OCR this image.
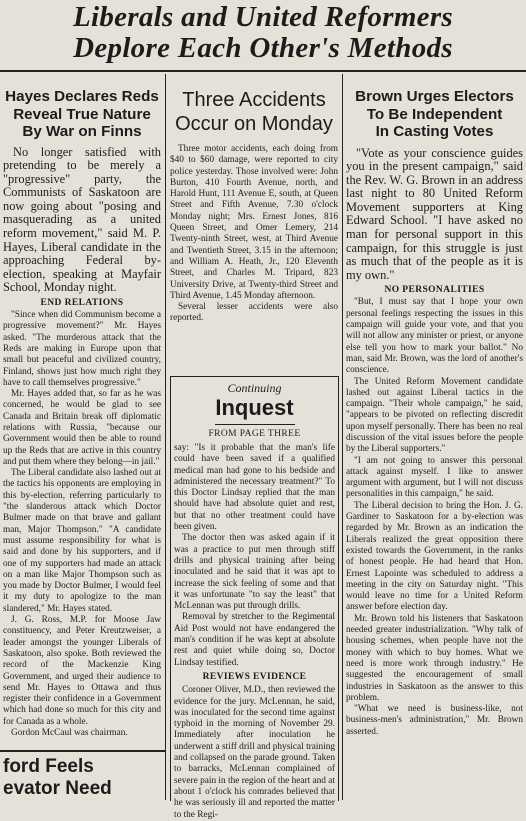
Liberals and United Reformers
Deplore Each Other's Methods
Hayes Declares Reds
Reveal True Nature
By War on Finns

No longer satisfied with pretending to be merely a "progressive" party, the Communists of Saskatoon are now going about "posing and masquerading as a united reform movement," said M. P. Hayes, Liberal candidate in the approaching Federal by-election, speaking at Mayfair School, Monday night.

END RELATIONS

"Since when did Communism become a progressive movement?" Mr. Hayes asked. "The murderous attack that the Reds are making in Europe upon that small but peaceful and civilized country, Finland, shows just how much right they have to call themselves progressive."

Mr. Hayes added that, so far as he was concerned, he would be glad to see Canada and Britain break off diplomatic relations with Russia, "because our Government would then be able to round up the Reds that are active in this country and put them where they belong—in jail."

The Liberal candidate also lashed out at the tactics his opponents are employing in this by-election, referring particularly to "the slanderous attack which Doctor Bulmer made on that brave and gallant man, Major Thompson." "A candidate must assume responsibility for what is said and done by his supporters, and if one of my supporters had made an attack on a man like Major Thompson such as you made by Doctor Bulmer, I would feel it my duty to apologize to the man slandered," Mr. Hayes stated.

J. G. Ross, M.P. for Moose Jaw constituency, and Peter Kreutzweiser, a leader amongst the younger Liberals of Saskatoon, also spoke. Both reviewed the record of the Mackenzie King Government, and urged their audience to send Mr. Hayes to Ottawa and thus register their confidence in a Government which had done so much for this city and for Canada as a whole.

Gordon McCaul was chairman.

ford Feels
evator Need
Three Accidents
Occur on Monday

Three motor accidents, each doing from $40 to $60 damage, were reported to city police yesterday. Those involved were: John Burton, 410 Fourth Avenue, north, and Harold Hunt, 111 Avenue E, south, at Queen Street and Fifth Avenue, 7.30 o'clock Monday night; Mrs. Ernest Jones, 816 Queen Street, and Omer Lemery, 214 Twenty-ninth Street, west, at Third Avenue and Twentieth Street, 3.15 in the afternoon; and William A. Heath, Jr., 120 Eleventh Street, and Charles M. Tripard, 823 University Drive, at Twenty-third Street and Third Avenue, 1.45 Monday afternoon.

Several lesser accidents were also reported.

Continuing
Inquest
FROM PAGE THREE

say: "Is it probable that the man's life could have been saved if a qualified medical man had gone to his bedside and administered the necessary treatment?" To this Doctor Lindsay replied that the man should have had absolute quiet and rest, but that no other treatment could have been given.

The doctor then was asked again if it was a practice to put men through stiff drills and physical training after being inoculated and he said that it was apt to increase the sick feeling of some and that it was unfortunate "to say the least" that McLennan was put through drills.

Removal by stretcher to the Regimental Aid Post would not have endangered the man's condition if he was kept at absolute rest and quiet while doing so, Doctor Lindsay testified.

REVIEWS EVIDENCE

Coroner Oliver, M.D., then reviewed the evidence for the jury. McLennan, he said, was inoculated for the second time against typhoid in the morning of November 29. Immediately after inoculation he underwent a stiff drill and physical training and collapsed on the parade ground. Taken to barracks, McLennan complained of severe pain in the region of the heart and at about 1 o'clock his comrades believed that he was seriously ill and reported the matter to the Regi-

Brown Urges Electors
To Be Independent
In Casting Votes

"Vote as your conscience guides you in the present campaign," said the Rev. W. G. Brown in an address last night to 80 United Reform Movement supporters at King Edward School. "I have asked no man for personal support in this campaign, for this struggle is just as much that of the people as it is my own."

NO PERSONALITIES

"But, I must say that I hope your own personal feelings respecting the issues in this campaign will guide your vote, and that you will not allow any minister or priest, or anyone else tell you how to mark your ballot." No man, said Mr. Brown, was the lord of another's conscience.

The United Reform Movement candidate lashed out against Liberal tactics in the campaign. "Their whole campaign," he said, "appears to be pivoted on reflecting discredit upon myself personally. There has been no real discussion of the vital issues before the people by the Liberal supporters."

"I am not going to answer this personal attack against myself. I like to answer argument with argument, but I will not discuss personalities in this campaign," he said.

The Liberal decision to bring the Hon. J. G. Gardiner to Saskatoon for a by-election was regarded by Mr. Brown as an indication the Liberals realized the great opposition there existed towards the Government, in the ranks of honest people. He had heard that Hon. Ernest Lapointe was scheduled to address a meeting in the city on Saturday night. "This would leave no time for a United Reform answer before election day.

Mr. Brown told his listeners that Saskatoon needed greater industrialization. "Why talk of housing schemes, when people have not the money with which to buy homes. What we need is more work through industry." He suggested the encouragement of small industries in Saskatoon as the answer to this problem.

"What we need is business-like, not business-men's administration," Mr. Brown asserted.
